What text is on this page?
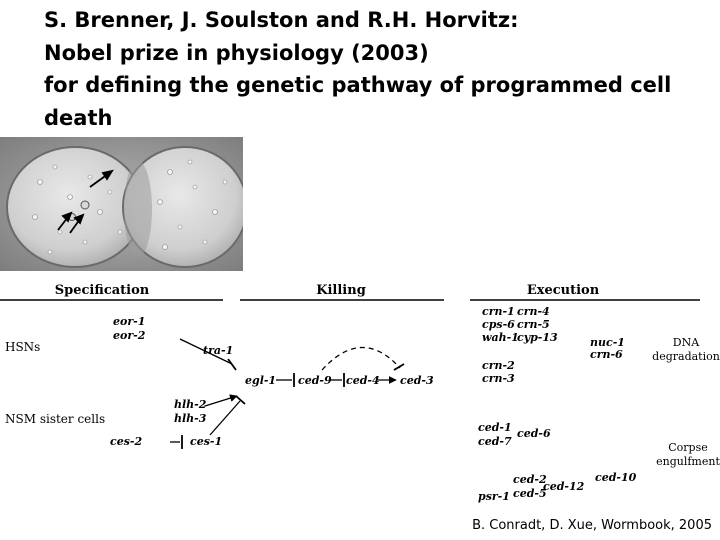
S. Brenner, J. Soulston and R.H. Horvitz:
Nobel prize in physiology (2003)
for defining the genetic pathway of programmed cell
death
Specification	Killing	Execution
HSNs
NSM sister cells
eor-1
eor-2
tra-1
hlh-2
hlh-3
ces-2	ces-1
egl-1 ced-9 ced-4 ced-3
crn-1 crn-4
cps-6 crn-5
wah-1
cyp-13	nuc-1
crn-6
crn-2
crn-3
DNA
degradation
ced-1
ced-7
ced-6
ced-2
ced-12
ced-5
ced-10
psr-1
Corpse
engulfment
B. Conradt, D. Xue, Wormbook, 2005
